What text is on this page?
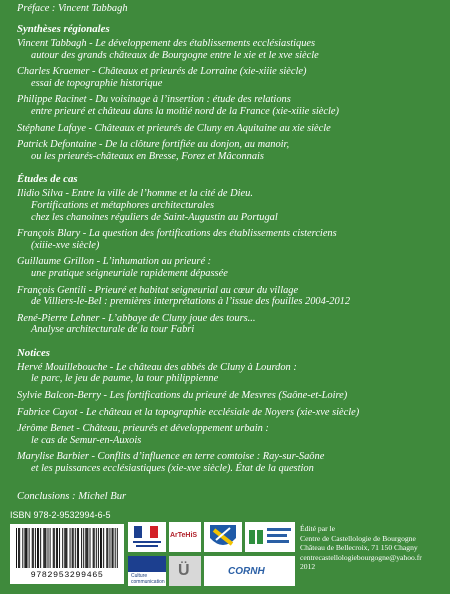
Préface : Vincent Tabbagh
Synthèses régionales
Vincent Tabbagh - Le développement des établissements ecclésiastiques
autour des grands châteaux de Bourgogne entre le xie et le xve siècle
Charles Kraemer - Châteaux et prieurés de Lorraine (xie-xiiie siècle)
essai de topographie historique
Philippe Racinet - Du voisinage à l’insertion : étude des relations
entre prieuré et château dans la moitié nord de la France (xie-xiiie siècle)
Stéphane Lafaye - Châteaux et prieurés de Cluny en Aquitaine au xie siècle
Patrick Defontaine - De la clôture fortifiée au donjon, au manoir,
ou les prieurés-châteaux en Bresse, Forez et Mâconnais
Études de cas
Ilidio Silva - Entre la ville de l’homme et la cité de Dieu.
Fortifications et métaphores architecturales
chez les chanoines réguliers de Saint-Augustin au Portugal
François Blary - La question des fortifications des établissements cisterciens
(xiiie-xve siècle)
Guillaume Grillon - L’inhumation au prieuré :
une pratique seigneuriale rapidement dépassée
François Gentili - Prieuré et habitat seigneurial au cœur du village
de Villiers-le-Bel : premières interprétations à l’issue des fouilles 2004-2012
René-Pierre Lehner - L’abbaye de Cluny joue des tours...
Analyse architecturale de la tour Fabri
Notices
Hervé Mouillebouche - Le château des abbés de Cluny à Lourdon :
le parc, le jeu de paume, la tour philippienne
Sylvie Balcon-Berry - Les fortifications du prieuré de Mesvres (Saône-et-Loire)
Fabrice Cayot - Le château et la topographie ecclésiale de Noyers (xie-xve siècle)
Jérôme Benet - Château, prieurés et développement urbain :
le cas de Semur-en-Auxois
Marylise Barbier - Conflits d’influence en terre comtoise : Ray-sur-Saône
et les puissances ecclésiastiques (xie-xve siècle). État de la question
Conclusions : Michel Bur
ISBN 978-2-9532994-6-5
9782953299465
35 €
ArTeHiS
Culture communication
Ü	CORNH
Édité par le
Centre de Castellologie de Bourgogne
Château de Bellecroix, 71 150 Chagny
centrecastellologiebourgogne@yahoo.fr
2012
